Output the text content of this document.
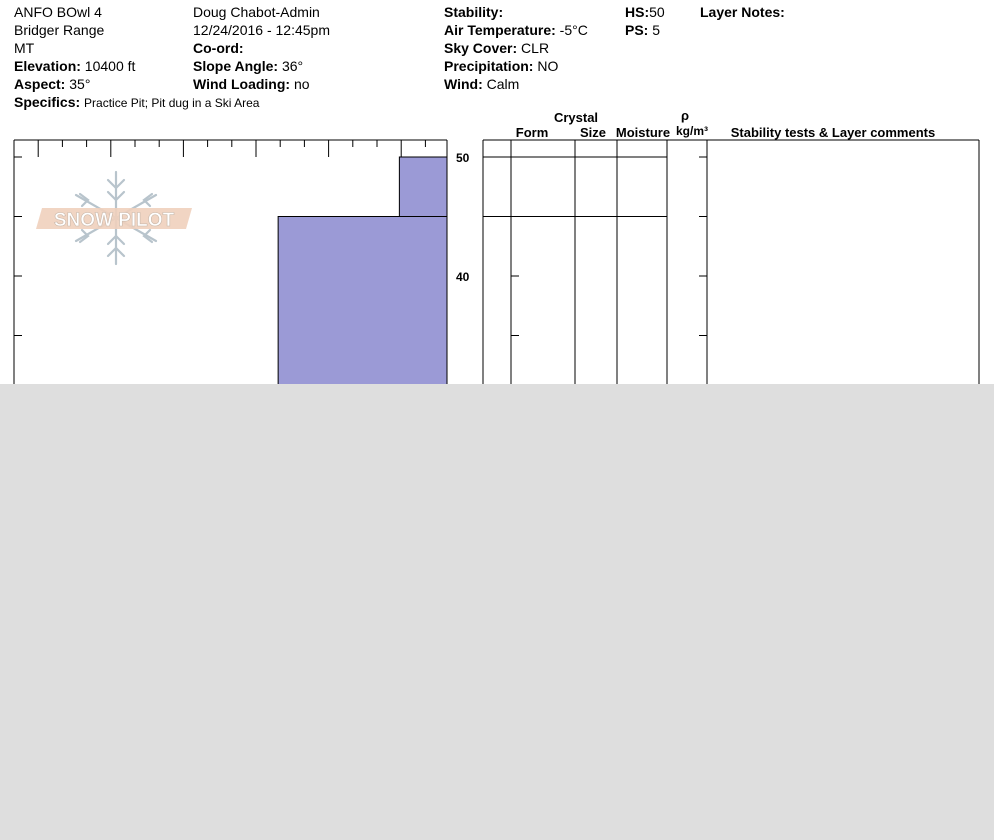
ANFO BOwl 4
Bridger Range
MT
Elevation: 10400 ft
Aspect: 35°
Specifics: Practice Pit; Pit dug in a Ski Area
Doug Chabot-Admin
12/24/2016 - 12:45pm
Co-ord:
Slope Angle: 36°
Wind Loading: no
Stability:
Air Temperature: -5°C
Sky Cover: CLR
Precipitation: NO
Wind: Calm
HS:50
PS: 5
Layer Notes:
Crystal
Form	Size Moisture
ρ
kg/m³	Stability tests & Layer comments
50
40
SNOW PILOT
